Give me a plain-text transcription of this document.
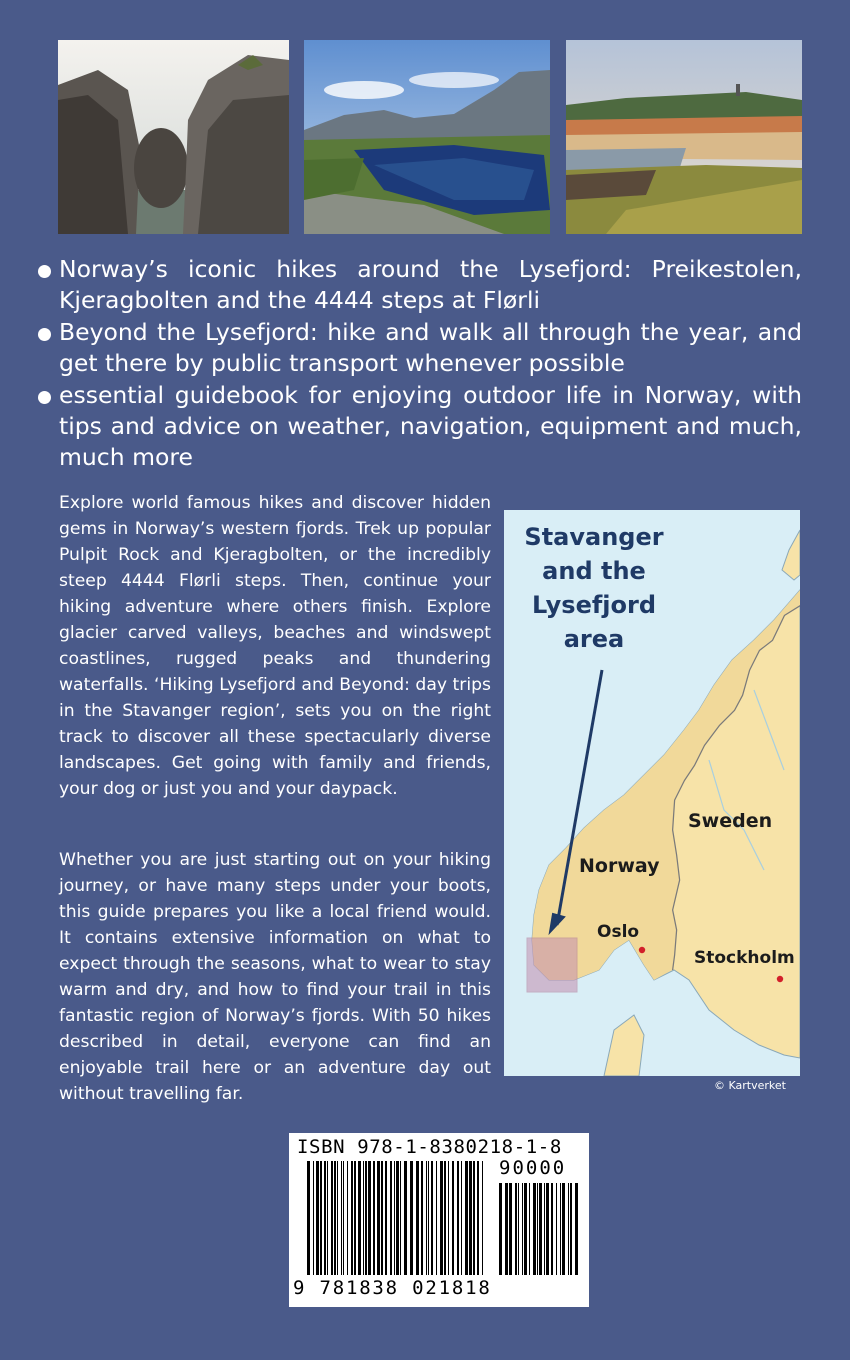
Norway’s iconic hikes around the Lysefjord: Preikestolen, Kjeragbolten and the 4444 steps at Flørli
Beyond the Lysefjord: hike and walk all through the year, and get there by public transport whenever possible
essential guidebook for enjoying outdoor life in Norway, with tips and advice on weather, navigation, equipment and much, much more

Explore world famous hikes and discover hidden gems in Norway’s western fjords. Trek up popular Pulpit Rock and Kjeragbolten, or the incredibly steep 4444 Flørli steps. Then, continue your hiking adventure where others finish. Explore glacier carved valleys, beaches and windswept coastlines, rugged peaks and thundering waterfalls. ‘Hiking Lysefjord and Beyond: day trips in the Stavanger region’, sets you on the right track to discover all these spectacularly diverse landscapes. Get going with family and friends, your dog or just you and your daypack.

Whether you are just starting out on your hiking journey, or have many steps under your boots, this guide prepares you like a local friend would. It contains extensive information on what to expect through the seasons, what to wear to stay warm and dry, and how to find your trail in this fantastic region of Norway’s fjords. With 50 hikes described in detail, everyone can find an enjoyable trail here or an adventure day out without travelling far.

Stavanger and the Lysefjord area
Sweden
Norway
Oslo
Stockholm
© Kartverket
ISBN 978-1-8380218-1-8
90000
9 781838 021818
